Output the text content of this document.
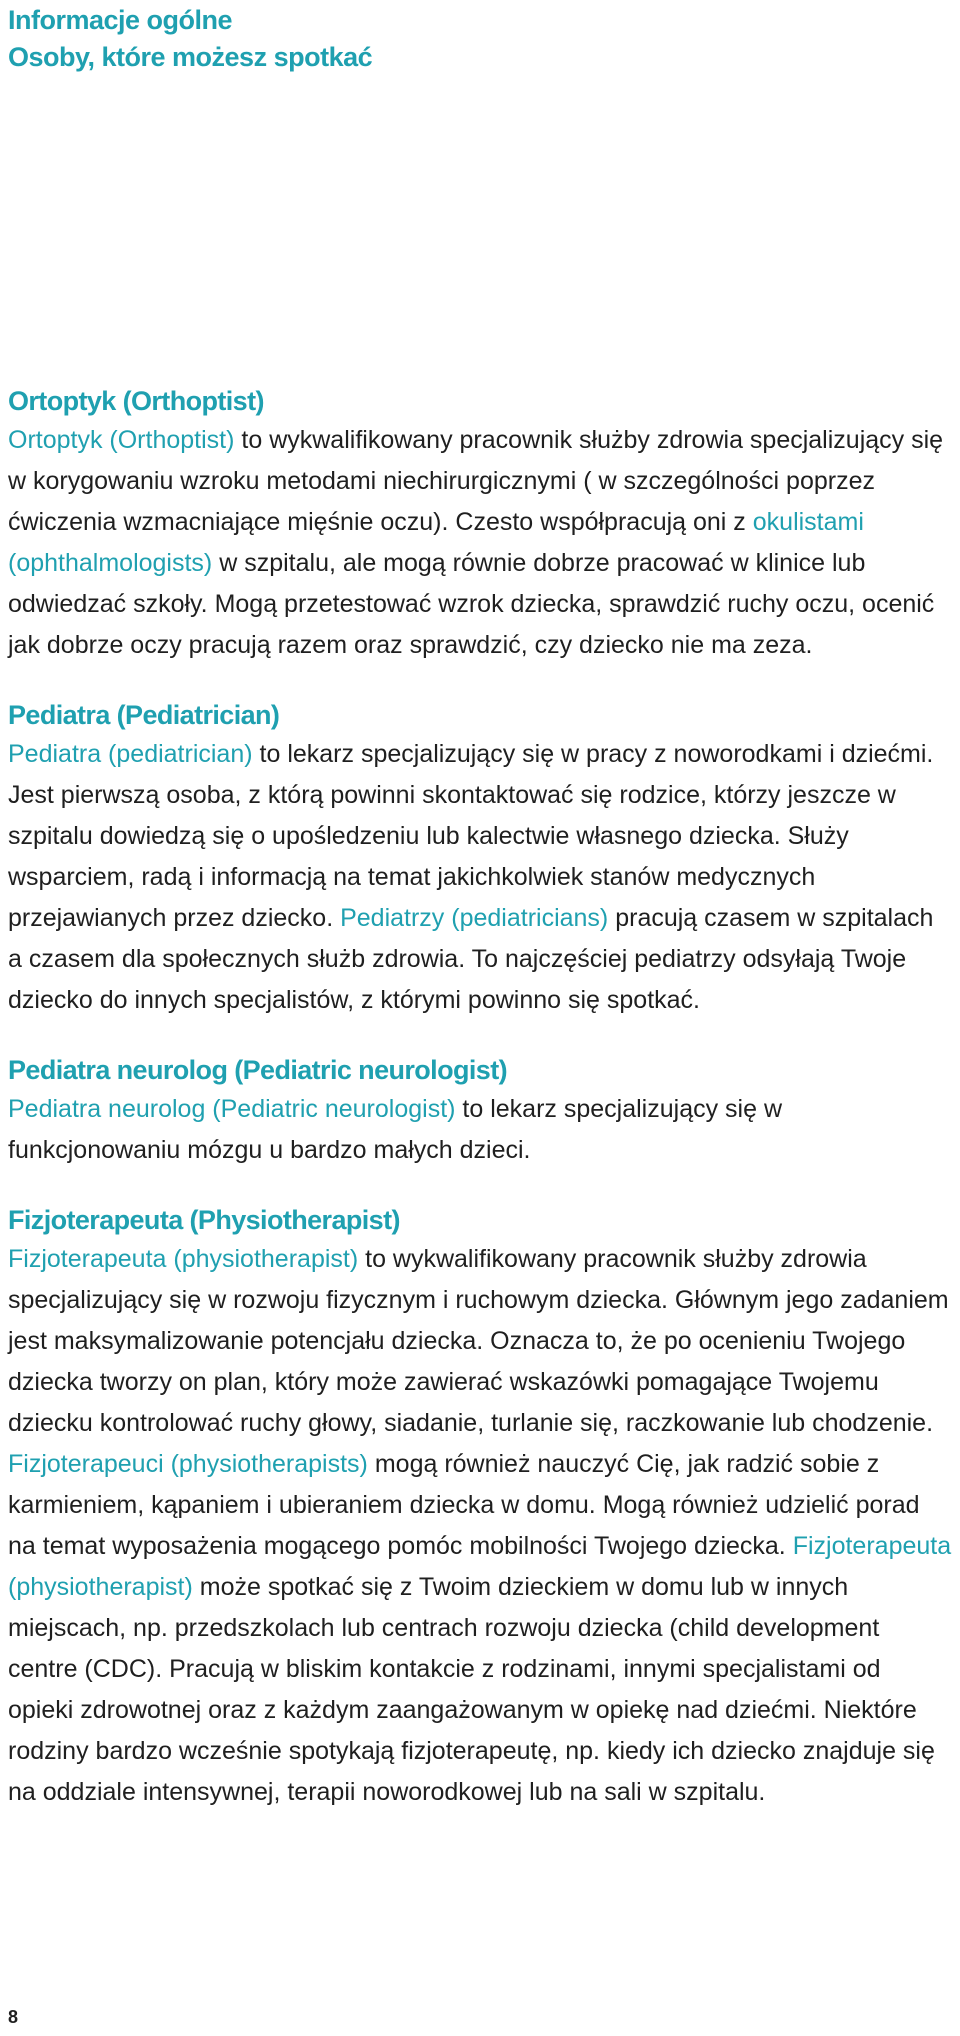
Informacje ogólne

Osoby, które możesz spotkać

Ortoptyk (Orthoptist)

Ortoptyk (Orthoptist) to wykwalifikowany pracownik służby zdrowia specjalizujący się w korygowaniu wzroku metodami niechirurgicznymi ( w szczególności poprzez ćwiczenia wzmacniające mięśnie oczu). Czesto współpracują oni z okulistami (ophthalmologists) w szpitalu, ale mogą równie dobrze pracować w klinice lub odwiedzać szkoły. Mogą przetestować wzrok dziecka, sprawdzić ruchy oczu, ocenić jak dobrze oczy pracują razem oraz sprawdzić, czy dziecko nie ma zeza.

Pediatra (Pediatrician)

Pediatra (pediatrician) to lekarz specjalizujący się w pracy z noworodkami i dziećmi. Jest pierwszą osoba, z którą powinni skontaktować się rodzice, którzy jeszcze w szpitalu dowiedzą się o upośledzeniu lub kalectwie własnego dziecka. Służy wsparciem, radą i informacją na temat jakichkolwiek stanów medycznych przejawianych przez dziecko. Pediatrzy (pediatricians) pracują czasem w szpitalach a czasem dla społecznych służb zdrowia. To najczęściej pediatrzy odsyłają Twoje dziecko do innych specjalistów, z którymi powinno się spotkać.

Pediatra neurolog (Pediatric neurologist)

Pediatra neurolog (Pediatric neurologist) to lekarz specjalizujący się w funkcjonowaniu mózgu u bardzo małych dzieci.

Fizjoterapeuta (Physiotherapist)

Fizjoterapeuta (physiotherapist) to wykwalifikowany pracownik służby zdrowia specjalizujący się w rozwoju fizycznym i ruchowym dziecka. Głównym jego zadaniem jest maksymalizowanie potencjału dziecka. Oznacza to, że po ocenieniu Twojego dziecka tworzy on plan, który może zawierać wskazówki pomagające Twojemu dziecku kontrolować ruchy głowy, siadanie, turlanie się, raczkowanie lub chodzenie. Fizjoterapeuci (physiotherapists) mogą również nauczyć Cię, jak radzić sobie z karmieniem, kąpaniem i ubieraniem dziecka w domu. Mogą również udzielić porad na temat wyposażenia mogącego pomóc mobilności Twojego dziecka. Fizjoterapeuta (physiotherapist) może spotkać się z Twoim dzieckiem w domu lub w innych miejscach, np. przedszkolach lub centrach rozwoju dziecka (child development centre (CDC). Pracują w bliskim kontakcie z rodzinami, innymi specjalistami od opieki zdrowotnej oraz z każdym zaangażowanym w opiekę nad dziećmi. Niektóre rodziny bardzo wcześnie spotykają fizjoterapeutę, np. kiedy ich dziecko znajduje się na oddziale intensywnej, terapii noworodkowej lub na sali w szpitalu.

8
